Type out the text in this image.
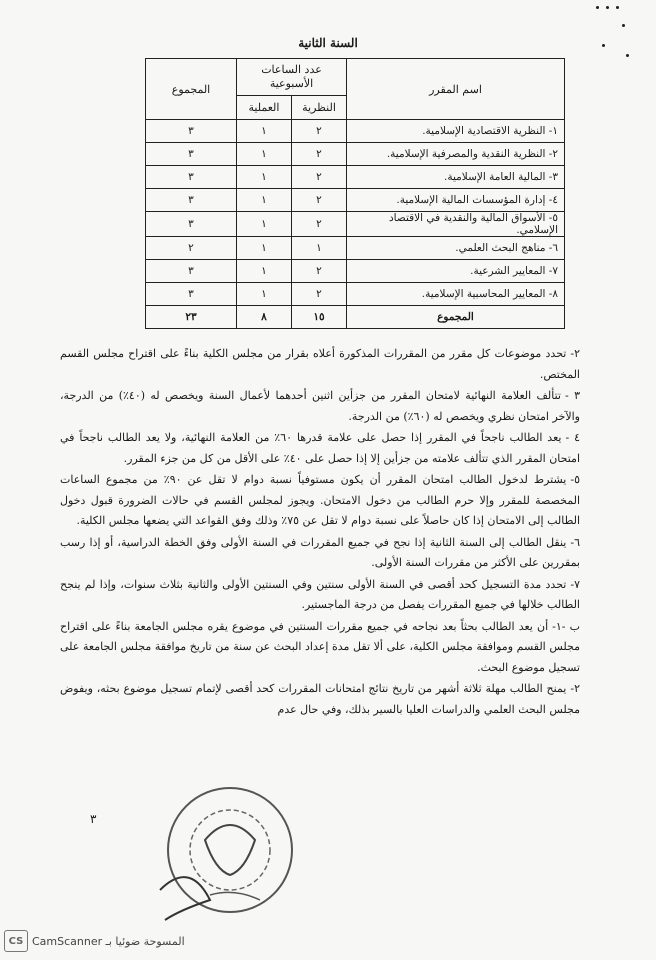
السنة الثانية
اسم المقرر	عدد الساعات الأسبوعية		المجموع
	النظرية	العملية	
١- النظرية الاقتصادية الإسلامية.	٢	١	٣
٢- النظرية النقدية والمصرفية الإسلامية.	٢	١	٣
٣- المالية العامة الإسلامية.	٢	١	٣
٤- إدارة المؤسسات المالية الإسلامية.	٢	١	٣
٥- الأسواق المالية والنقدية في الاقتصاد الإسلامي.	٢	١	٣
٦- مناهج البحث العلمي.	١	١	٢
٧- المعايير الشرعية.	٢	١	٣
٨- المعايير المحاسبية الإسلامية.	٢	١	٣
المجموع	١٥	٨	٢٣

٢-تحدد موضوعات كل مقرر من المقررات المذكورة أعلاه بقرار من مجلس الكلية بناءً على اقتراح مجلس القسم المختص.

٣ -تتألف العلامة النهائية لامتحان المقرر من جزأين اثنين أحدهما لأعمال السنة ويخصص له (٤٠٪) من الدرجة، والآخر امتحان نظري ويخصص له (٦٠٪) من الدرجة.

٤ -يعد الطالب ناجحاً في المقرر إذا حصل على علامة قدرها ٦٠٪ من العلامة النهائية، ولا يعد الطالب ناجحاً في امتحان المقرر الذي تتألف علامته من جزأين إلا إذا حصل على ٤٠٪ على الأقل من كل من جزء المقرر.

٥-يشترط لدخول الطالب امتحان المقرر أن يكون مستوفياً نسبة دوام لا تقل عن ٩٠٪ من مجموع الساعات المخصصة للمقرر وإلا حرم الطالب من دخول الامتحان. ويجوز لمجلس القسم في حالات الضرورة قبول دخول الطالب إلى الامتحان إذا كان حاصلاً على نسبة دوام لا تقل عن ٧٥٪ وذلك وفق القواعد التي يضعها مجلس الكلية.

٦-ينقل الطالب إلى السنة الثانية إذا نجح في جميع المقررات في السنة الأولى وفق الخطة الدراسية، أو إذا رسب بمقررين على الأكثر من مقررات السنة الأولى.

٧-تحدد مدة التسجيل كحد أقصى في السنة الأولى سنتين وفي السنتين الأولى والثانية بثلاث سنوات، وإذا لم ينجح الطالب خلالها في جميع المقررات يفصل من درجة الماجستير.

ب -١-أن يعد الطالب بحثاً بعد نجاحه في جميع مقررات السنتين في موضوع يقره مجلس الجامعة بناءً على اقتراح مجلس القسم وموافقة مجلس الكلية، على ألا تقل مدة إعداد البحث عن سنة من تاريخ موافقة مجلس الجامعة على تسجيل موضوع البحث.

٢-يمنح الطالب مهلة ثلاثة أشهر من تاريخ نتائج امتحانات المقررات كحد أقصى لإتمام تسجيل موضوع بحثه، ويفوض مجلس البحث العلمي والدراسات العليا بالسير بذلك، وفي حال عدم

٣
CS CamScanner المسوحة ضوئيا بـ
